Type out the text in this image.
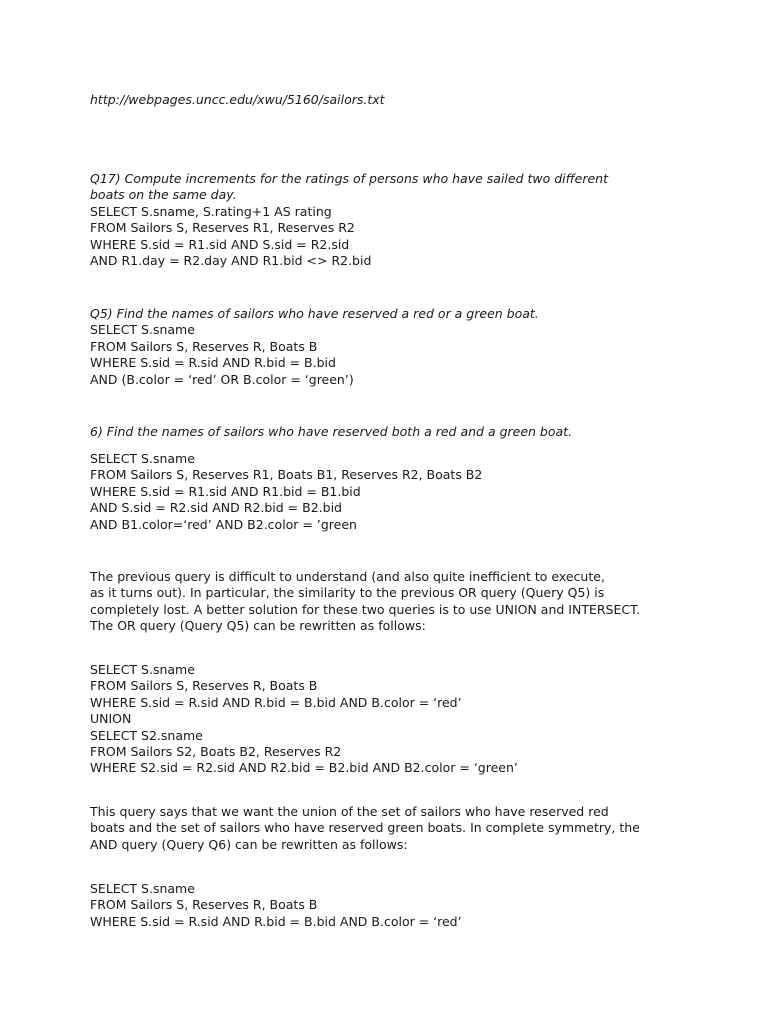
http://webpages.uncc.edu/xwu/5160/sailors.txt
Q17) Compute increments for the ratings of persons who have sailed two different
boats on the same day.
SELECT S.sname, S.rating+1 AS rating
FROM Sailors S, Reserves R1, Reserves R2
WHERE S.sid = R1.sid AND S.sid = R2.sid
AND R1.day = R2.day AND R1.bid <> R2.bid
Q5) Find the names of sailors who have reserved a red or a green boat.
SELECT S.sname
FROM Sailors S, Reserves R, Boats B
WHERE S.sid = R.sid AND R.bid = B.bid
AND (B.color = ‘red’ OR B.color = ‘green’)
6) Find the names of sailors who have reserved both a red and a green boat.
SELECT S.sname
FROM Sailors S, Reserves R1, Boats B1, Reserves R2, Boats B2
WHERE S.sid = R1.sid AND R1.bid = B1.bid
AND S.sid = R2.sid AND R2.bid = B2.bid
AND B1.color=‘red’ AND B2.color = ’green
The previous query is difficult to understand (and also quite inefficient to execute,
as it turns out). In particular, the similarity to the previous OR query (Query Q5) is
completely lost. A better solution for these two queries is to use UNION and INTERSECT.
The OR query (Query Q5) can be rewritten as follows:
SELECT S.sname
FROM Sailors S, Reserves R, Boats B
WHERE S.sid = R.sid AND R.bid = B.bid AND B.color = ‘red’
UNION
SELECT S2.sname
FROM Sailors S2, Boats B2, Reserves R2
WHERE S2.sid = R2.sid AND R2.bid = B2.bid AND B2.color = ‘green’
This query says that we want the union of the set of sailors who have reserved red
boats and the set of sailors who have reserved green boats. In complete symmetry, the
AND query (Query Q6) can be rewritten as follows:
SELECT S.sname
FROM Sailors S, Reserves R, Boats B
WHERE S.sid = R.sid AND R.bid = B.bid AND B.color = ‘red’
